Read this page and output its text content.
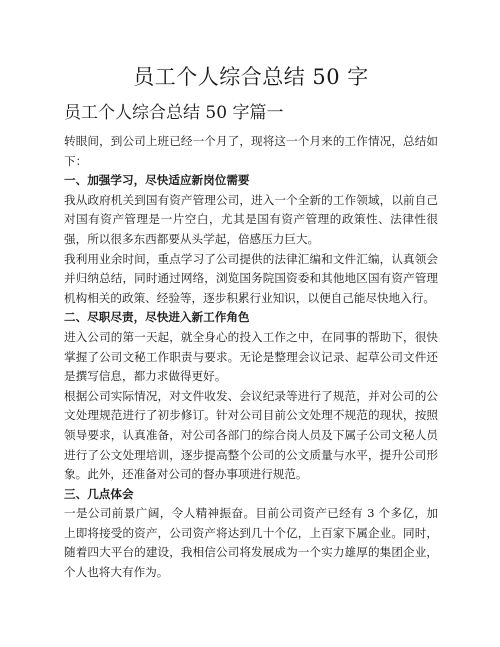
员工个人综合总结 50 字
员工个人综合总结 50 字篇一

转眼间，到公司上班已经一个月了，现将这一个月来的工作情况，总结如下：

一、加强学习，尽快适应新岗位需要

我从政府机关到国有资产管理公司，进入一个全新的工作领域，以前自己对国有资产管理是一片空白，尤其是国有资产管理的政策性、法律性很强，所以很多东西都要从头学起，倍感压力巨大。

我利用业余时间，重点学习了公司提供的法律汇编和文件汇编，认真领会并归纳总结，同时通过网络，浏览国务院国资委和其他地区国有资产管理机构相关的政策、经验等，逐步积累行业知识，以便自己能尽快地入行。

二、尽职尽责，尽快进入新工作角色

进入公司的第一天起，就全身心的投入工作之中，在同事的帮助下，很快掌握了公司文秘工作职责与要求。无论是整理会议记录、起草公司文件还是撰写信息，都力求做得更好。

根据公司实际情况，对文件收发、会议纪录等进行了规范，并对公司的公文处理规范进行了初步修订。针对公司目前公文处理不规范的现状，按照领导要求，认真准备，对公司各部门的综合岗人员及下属子公司文秘人员进行了公文处理培训，逐步提高整个公司的公文质量与水平，提升公司形象。此外，还准备对公司的督办事项进行规范。

三、几点体会

一是公司前景广阔，令人精神振奋。目前公司资产已经有 3 个多亿，加上即将接受的资产，公司资产将达到几十个亿，上百家下属企业。同时，随着四大平台的建设，我相信公司将发展成为一个实力雄厚的集团企业，个人也将大有作为。
